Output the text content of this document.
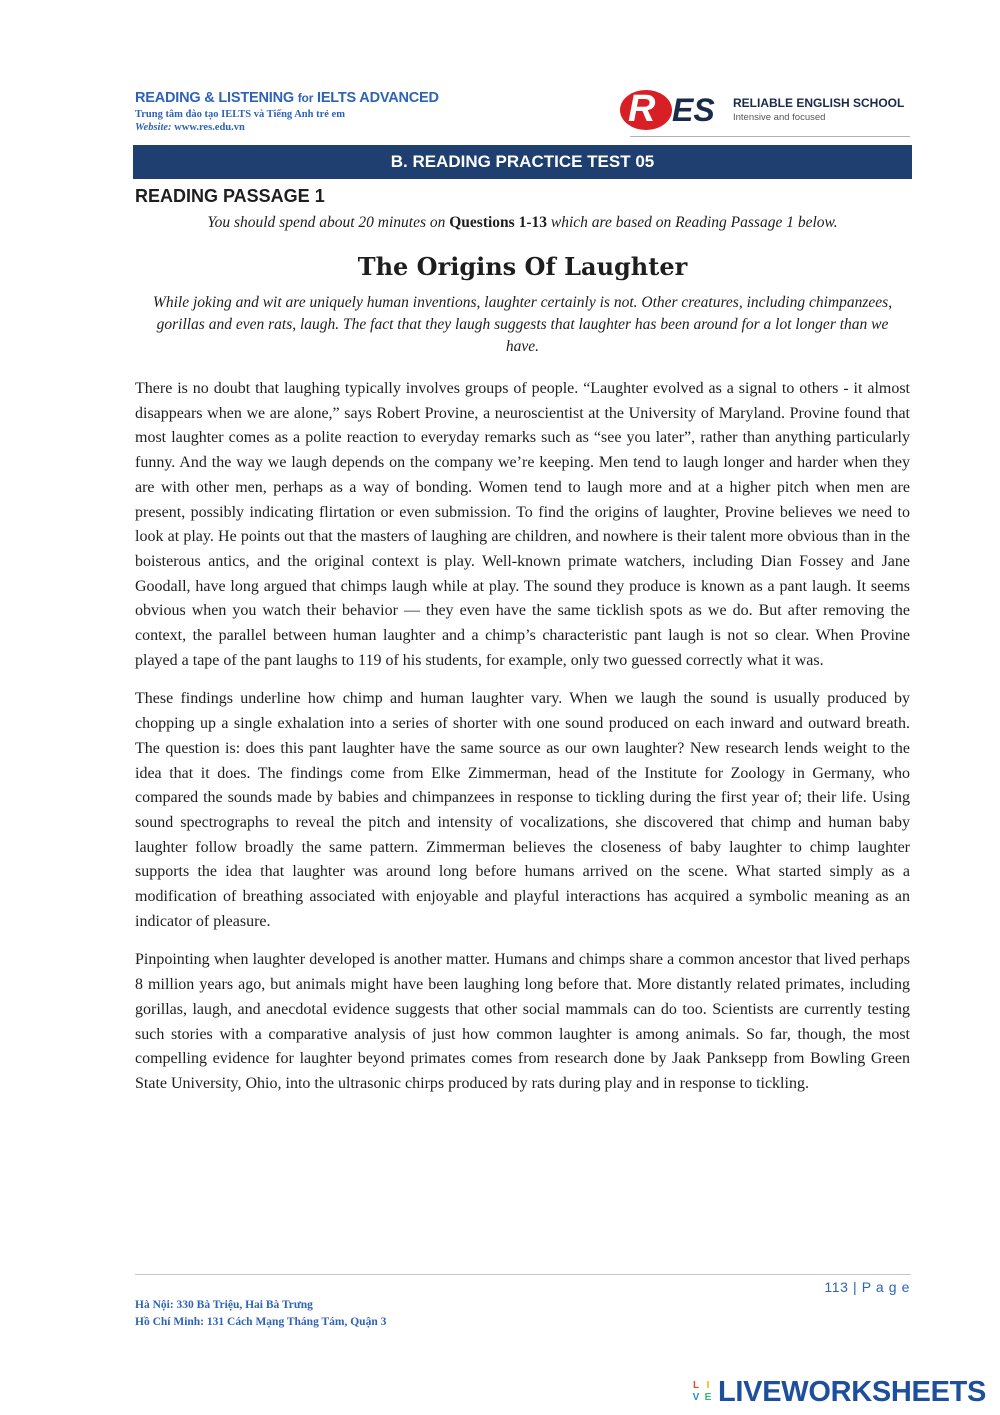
READING & LISTENING for IELTS ADVANCED
Trung tâm đào tạo IELTS và Tiếng Anh trẻ em
Website: www.res.edu.vn	R ES RELIABLE ENGLISH SCHOOL
Intensive and focused
B. READING PRACTICE TEST 05
READING PASSAGE 1
You should spend about 20 minutes on Questions 1-13 which are based on Reading Passage 1 below.
The Origins Of Laughter
While joking and wit are uniquely human inventions, laughter certainly is not. Other creatures, including chimpanzees, gorillas and even rats, laugh. The fact that they laugh suggests that laughter has been around for a lot longer than we have.

There is no doubt that laughing typically involves groups of people. “Laughter evolved as a signal to others - it almost disappears when we are alone,” says Robert Provine, a neuroscientist at the University of Maryland. Provine found that most laughter comes as a polite reaction to everyday remarks such as “see you later”, rather than anything particularly funny. And the way we laugh depends on the company we’re keeping. Men tend to laugh longer and harder when they are with other men, perhaps as a way of bonding. Women tend to laugh more and at a higher pitch when men are present, possibly indicating flirtation or even submission. To find the origins of laughter, Provine believes we need to look at play. He points out that the masters of laughing are children, and nowhere is their talent more obvious than in the boisterous antics, and the original context is play. Well-known primate watchers, including Dian Fossey and Jane Goodall, have long argued that chimps laugh while at play. The sound they produce is known as a pant laugh. It seems obvious when you watch their behavior — they even have the same ticklish spots as we do. But after removing the context, the parallel between human laughter and a chimp’s characteristic pant laugh is not so clear. When Provine played a tape of the pant laughs to 119 of his students, for example, only two guessed correctly what it was.

These findings underline how chimp and human laughter vary. When we laugh the sound is usually produced by chopping up a single exhalation into a series of shorter with one sound produced on each inward and outward breath. The question is: does this pant laughter have the same source as our own laughter? New research lends weight to the idea that it does. The findings come from Elke Zimmerman, head of the Institute for Zoology in Germany, who compared the sounds made by babies and chimpanzees in response to tickling during the first year of; their life. Using sound spectrographs to reveal the pitch and intensity of vocalizations, she discovered that chimp and human baby laughter follow broadly the same pattern. Zimmerman believes the closeness of baby laughter to chimp laughter supports the idea that laughter was around long before humans arrived on the scene. What started simply as a modification of breathing associated with enjoyable and playful interactions has acquired a symbolic meaning as an indicator of pleasure.

Pinpointing when laughter developed is another matter. Humans and chimps share a common ancestor that lived perhaps 8 million years ago, but animals might have been laughing long before that. More distantly related primates, including gorillas, laugh, and anecdotal evidence suggests that other social mammals can do too. Scientists are currently testing such stories with a comparative analysis of just how common laughter is among animals. So far, though, the most compelling evidence for laughter beyond primates comes from research done by Jaak Panksepp from Bowling Green State University, Ohio, into the ultrasonic chirps produced by rats during play and in response to tickling.

113 | P a g e
Hà Nội: 330 Bà Triệu, Hai Bà Trưng
Hồ Chí Minh: 131 Cách Mạng Tháng Tám, Quận 3
L I
V E LIVEWORKSHEETS
